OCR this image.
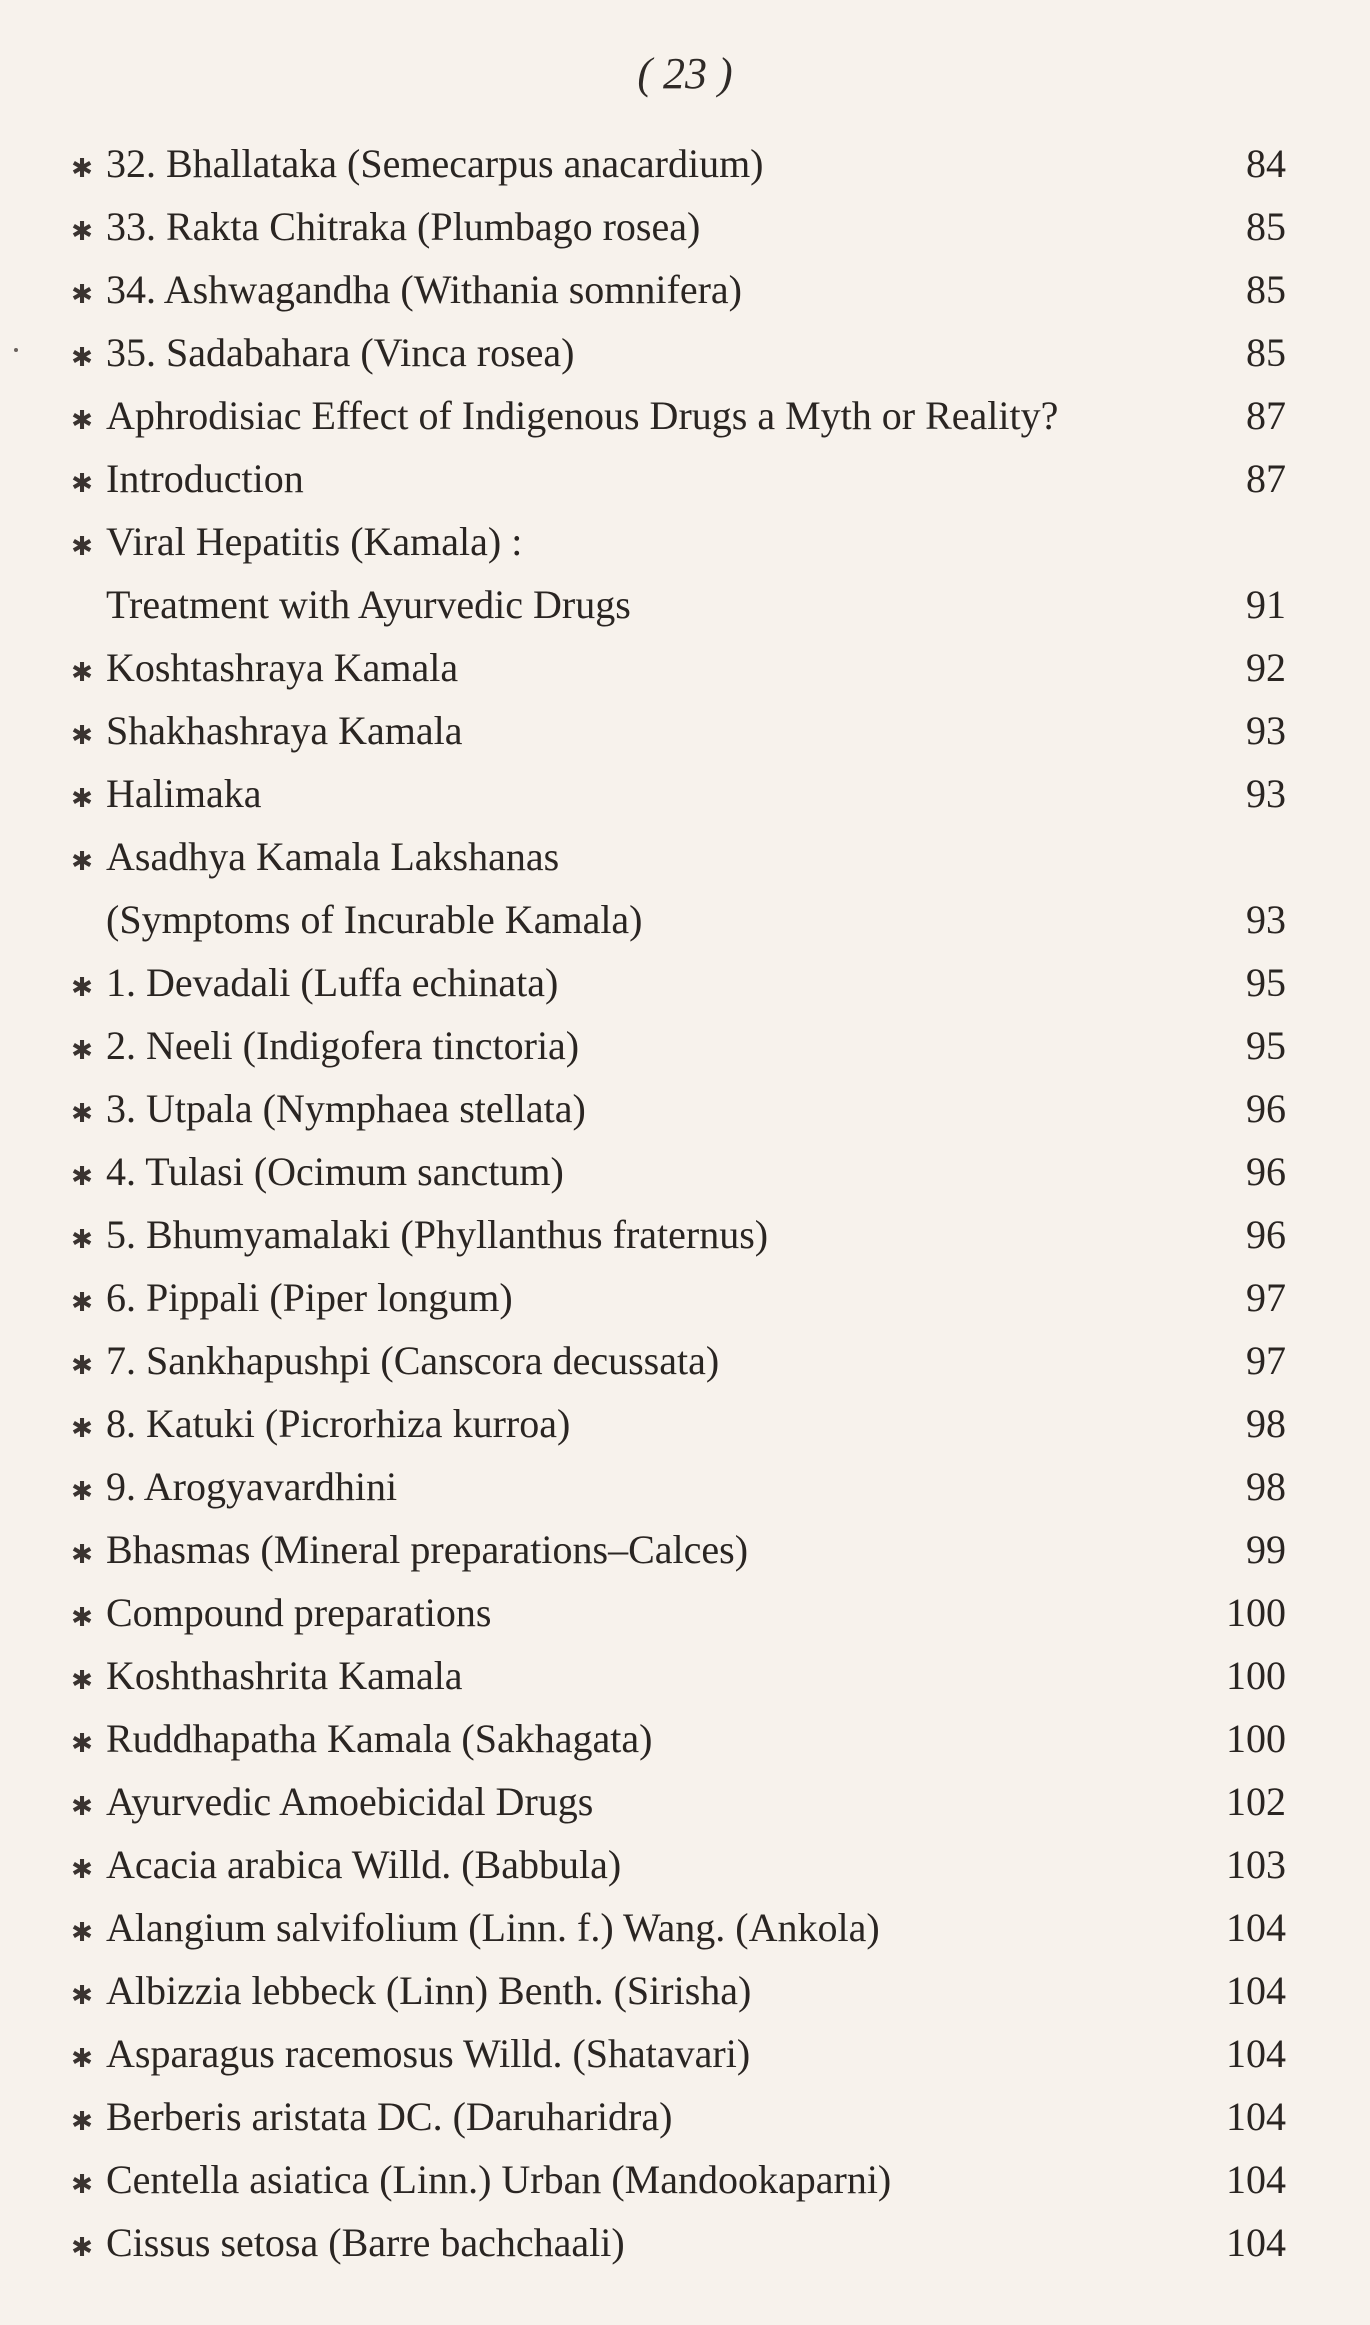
( 23 )
✱ 32. Bhallataka (Semecarpus anacardium)	84
✱ 33. Rakta Chitraka (Plumbago rosea)	85
✱ 34. Ashwagandha (Withania somnifera)	85
✱ 35. Sadabahara (Vinca rosea)	85
✱ Aphrodisiac Effect of Indigenous Drugs a Myth or Reality?	87
✱ Introduction	87
✱ Viral Hepatitis (Kamala) :
Treatment with Ayurvedic Drugs	91
✱ Koshtashraya Kamala	92
✱ Shakhashraya Kamala	93
✱ Halimaka	93
✱ Asadhya Kamala Lakshanas
(Symptoms of Incurable Kamala)	93
✱ 1. Devadali (Luffa echinata)	95
✱ 2. Neeli (Indigofera tinctoria)	95
✱ 3. Utpala (Nymphaea stellata)	96
✱ 4. Tulasi (Ocimum sanctum)	96
✱ 5. Bhumyamalaki (Phyllanthus fraternus)	96
✱ 6. Pippali (Piper longum)	97
✱ 7. Sankhapushpi (Canscora decussata)	97
✱ 8. Katuki (Picrorhiza kurroa)	98
✱ 9. Arogyavardhini	98
✱ Bhasmas (Mineral preparations–Calces)	99
✱ Compound preparations	100
✱ Koshthashrita Kamala	100
✱ Ruddhapatha Kamala (Sakhagata)	100
✱ Ayurvedic Amoebicidal Drugs	102
✱ Acacia arabica Willd. (Babbula)	103
✱ Alangium salvifolium (Linn. f.) Wang. (Ankola)	104
✱ Albizzia lebbeck (Linn) Benth. (Sirisha)	104
✱ Asparagus racemosus Willd. (Shatavari)	104
✱ Berberis aristata DC. (Daruharidra)	104
✱ Centella asiatica (Linn.) Urban (Mandookaparni)	104
✱ Cissus setosa (Barre bachchaali)	104
